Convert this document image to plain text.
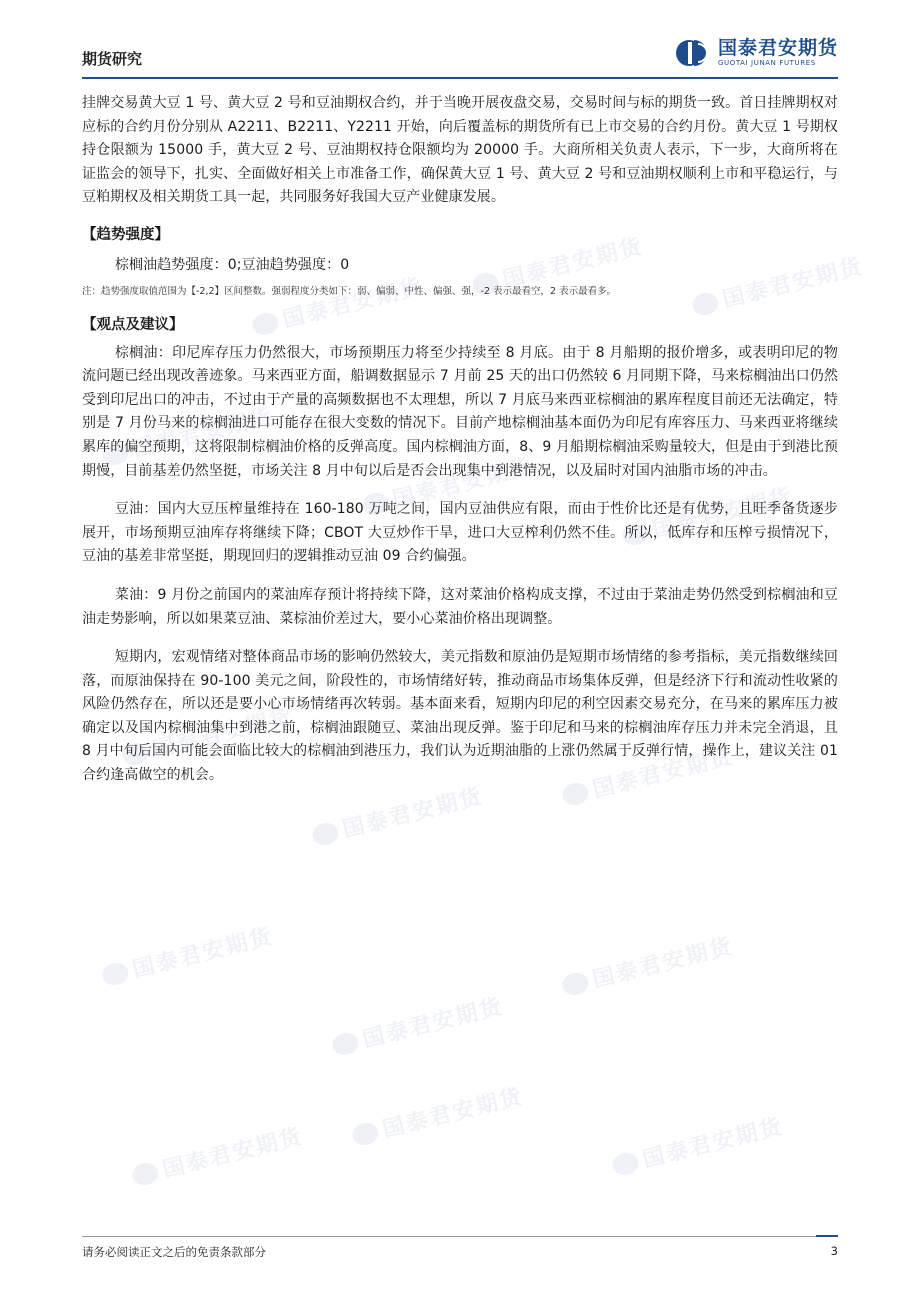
国泰君安期货
国泰君安期货	国泰君安期货
国泰君安期货
国泰君安期货
国泰君安期货
国泰君安期货
国泰君安期货
国泰君安期货
国泰君安期货
国泰君安期货
国泰君安期货
国泰君安期货
国泰君安期货
国泰君安期货
期货研究	国泰君安期货
GUOTAI JUNAN FUTURES

挂牌交易黄大豆 1 号、黄大豆 2 号和豆油期权合约，并于当晚开展夜盘交易，交易时间与标的期货一致。首日挂牌期权对应标的合约月份分别从 A2211、B2211、Y2211 开始，向后覆盖标的期货所有已上市交易的合约月份。黄大豆 1 号期权持仓限额为 15000 手，黄大豆 2 号、豆油期权持仓限额均为 20000 手。大商所相关负责人表示，下一步，大商所将在证监会的领导下，扎实、全面做好相关上市准备工作，确保黄大豆 1 号、黄大豆 2 号和豆油期权顺利上市和平稳运行，与豆粕期权及相关期货工具一起，共同服务好我国大豆产业健康发展。

【趋势强度】

棕榈油趋势强度：0;豆油趋势强度：0

注：趋势强度取值范围为【-2,2】区间整数。强弱程度分类如下：弱、偏弱、中性、偏强、强，-2 表示最看空，2 表示最看多。

【观点及建议】

棕榈油：印尼库存压力仍然很大，市场预期压力将至少持续至 8 月底。由于 8 月船期的报价增多，或表明印尼的物流问题已经出现改善迹象。马来西亚方面，船调数据显示 7 月前 25 天的出口仍然较 6 月同期下降，马来棕榈油出口仍然受到印尼出口的冲击，不过由于产量的高频数据也不太理想，所以 7 月底马来西亚棕榈油的累库程度目前还无法确定，特别是 7 月份马来的棕榈油进口可能存在很大变数的情况下。目前产地棕榈油基本面仍为印尼有库容压力、马来西亚将继续累库的偏空预期，这将限制棕榈油价格的反弹高度。国内棕榈油方面，8、9 月船期棕榈油采购量较大，但是由于到港比预期慢，目前基差仍然坚挺，市场关注 8 月中旬以后是否会出现集中到港情况，以及届时对国内油脂市场的冲击。

豆油：国内大豆压榨量维持在 160-180 万吨之间，国内豆油供应有限，而由于性价比还是有优势，且旺季备货逐步展开，市场预期豆油库存将继续下降；CBOT 大豆炒作干旱，进口大豆榨利仍然不佳。所以，低库存和压榨亏损情况下，豆油的基差非常坚挺，期现回归的逻辑推动豆油 09 合约偏强。

菜油：9 月份之前国内的菜油库存预计将持续下降，这对菜油价格构成支撑，不过由于菜油走势仍然受到棕榈油和豆油走势影响，所以如果菜豆油、菜棕油价差过大，要小心菜油价格出现调整。

短期内，宏观情绪对整体商品市场的影响仍然较大，美元指数和原油仍是短期市场情绪的参考指标，美元指数继续回落，而原油保持在 90-100 美元之间，阶段性的，市场情绪好转，推动商品市场集体反弹，但是经济下行和流动性收紧的风险仍然存在，所以还是要小心市场情绪再次转弱。基本面来看，短期内印尼的利空因素交易充分，在马来的累库压力被确定以及国内棕榈油集中到港之前，棕榈油跟随豆、菜油出现反弹。鉴于印尼和马来的棕榈油库存压力并未完全消退，且 8 月中旬后国内可能会面临比较大的棕榈油到港压力，我们认为近期油脂的上涨仍然属于反弹行情，操作上，建议关注 01 合约逢高做空的机会。

请务必阅读正文之后的免责条款部分	3
